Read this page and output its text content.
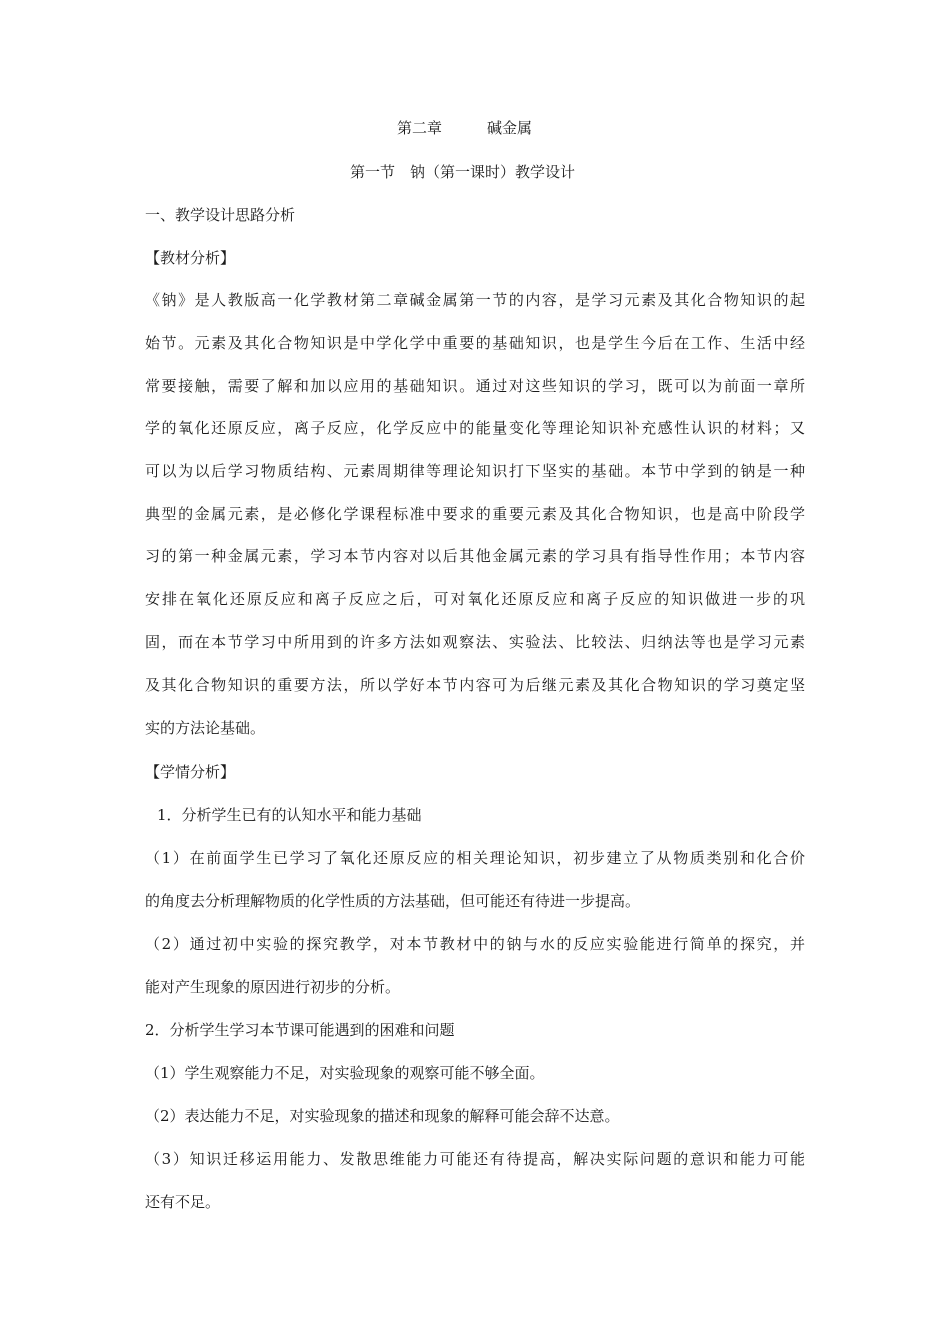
第二章	碱金属
第一节　钠（第一课时）教学设计
一、教学设计思路分析
【教材分析】
《钠》是人教版高一化学教材第二章碱金属第一节的内容，是学习元素及其化合物知识的起
始节。元素及其化合物知识是中学化学中重要的基础知识，也是学生今后在工作、生活中经
常要接触，需要了解和加以应用的基础知识。通过对这些知识的学习，既可以为前面一章所
学的氧化还原反应，离子反应，化学反应中的能量变化等理论知识补充感性认识的材料；又
可以为以后学习物质结构、元素周期律等理论知识打下坚实的基础。本节中学到的钠是一种
典型的金属元素，是必修化学课程标准中要求的重要元素及其化合物知识，也是高中阶段学
习的第一种金属元素，学习本节内容对以后其他金属元素的学习具有指导性作用；本节内容
安排在氧化还原反应和离子反应之后，可对氧化还原反应和离子反应的知识做进一步的巩
固，而在本节学习中所用到的许多方法如观察法、实验法、比较法、归纳法等也是学习元素
及其化合物知识的重要方法，所以学好本节内容可为后继元素及其化合物知识的学习奠定坚
实的方法论基础。
【学情分析】
1．分析学生已有的认知水平和能力基础
（1）在前面学生已学习了氧化还原反应的相关理论知识，初步建立了从物质类别和化合价
的角度去分析理解物质的化学性质的方法基础，但可能还有待进一步提高。
（2）通过初中实验的探究教学，对本节教材中的钠与水的反应实验能进行简单的探究，并
能对产生现象的原因进行初步的分析。
2．分析学生学习本节课可能遇到的困难和问题
（1）学生观察能力不足，对实验现象的观察可能不够全面。
（2）表达能力不足，对实验现象的描述和现象的解释可能会辞不达意。
（3）知识迁移运用能力、发散思维能力可能还有待提高，解决实际问题的意识和能力可能
还有不足。
